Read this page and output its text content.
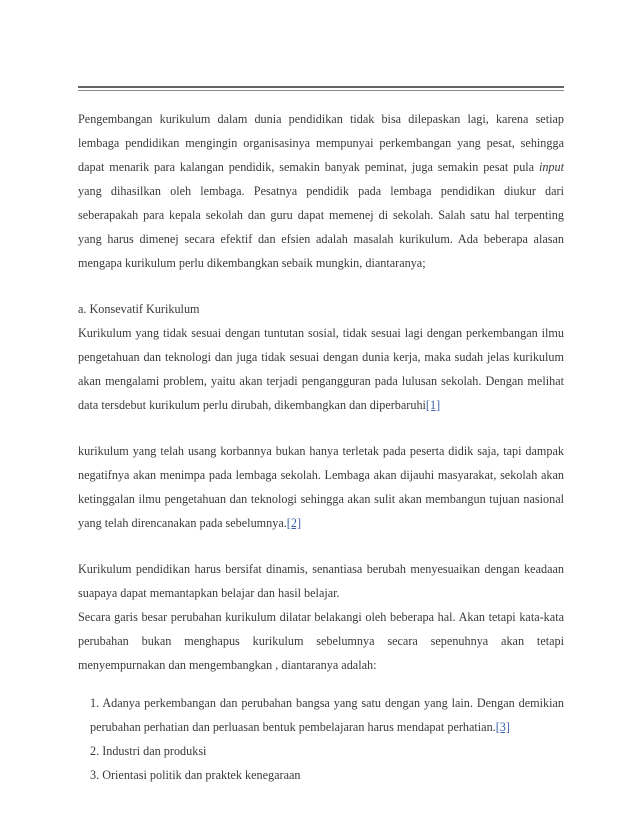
Pengembangan kurikulum dalam dunia pendidikan tidak bisa dilepaskan lagi, karena setiap lembaga pendidikan mengingin organisasinya mempunyai perkembangan yang pesat, sehingga dapat menarik para kalangan pendidik, semakin banyak peminat, juga semakin pesat pula input yang dihasilkan oleh lembaga. Pesatnya pendidik pada lembaga pendidikan diukur dari seberapakah para kepala sekolah dan guru dapat memenej di sekolah. Salah satu hal terpenting yang harus dimenej secara efektif dan efsien adalah masalah kurikulum. Ada beberapa alasan mengapa kurikulum perlu dikembangkan sebaik mungkin, diantaranya;

a. Konsevatif Kurikulum

Kurikulum yang tidak sesuai dengan tuntutan sosial, tidak sesuai lagi dengan perkembangan ilmu pengetahuan dan teknologi dan juga tidak sesuai dengan dunia kerja, maka sudah jelas kurikulum akan mengalami problem, yaitu akan terjadi pengangguran pada lulusan sekolah. Dengan melihat data tersdebut kurikulum perlu dirubah, dikembangkan dan diperbaruhi[1]

kurikulum yang telah usang korbannya bukan hanya terletak pada peserta didik saja, tapi dampak negatifnya akan menimpa pada lembaga sekolah. Lembaga akan dijauhi masyarakat, sekolah akan ketinggalan ilmu pengetahuan dan teknologi sehingga akan sulit akan membangun tujuan nasional yang telah direncanakan pada sebelumnya.[2]

Kurikulum pendidikan harus bersifat dinamis, senantiasa berubah menyesuaikan dengan keadaan suapaya dapat memantapkan belajar dan hasil belajar.

Secara garis besar perubahan kurikulum dilatar belakangi oleh beberapa hal. Akan tetapi kata-kata perubahan bukan menghapus kurikulum sebelumnya secara sepenuhnya akan tetapi menyempurnakan dan mengembangkan , diantaranya adalah:

1. Adanya perkembangan dan perubahan bangsa yang satu dengan yang lain. Dengan demikian perubahan perhatian dan perluasan bentuk pembelajaran harus mendapat perhatian.[3]

2. Industri dan produksi

3. Orientasi politik dan praktek kenegaraan
